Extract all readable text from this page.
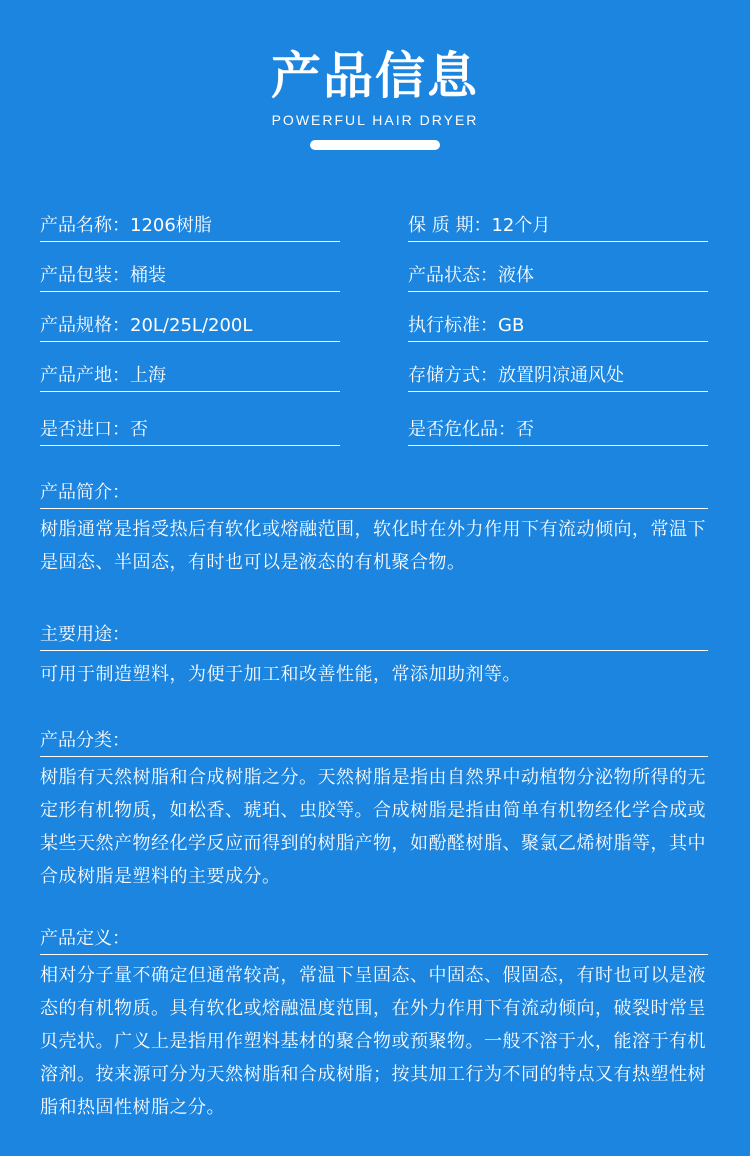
产品信息
POWERFUL HAIR DRYER
产品名称：1206树脂	保 质 期：12个月
产品包装：桶装	产品状态：液体
产品规格：20L/25L/200L	执行标准：GB
产品产地：上海	存储方式：放置阴凉通风处
是否进口：否	是否危化品：否
产品简介：
树脂通常是指受热后有软化或熔融范围，软化时在外力作用下有流动倾向，常温下是固态、半固态，有时也可以是液态的有机聚合物。
主要用途：
可用于制造塑料，为便于加工和改善性能，常添加助剂等。
产品分类：
树脂有天然树脂和合成树脂之分。天然树脂是指由自然界中动植物分泌物所得的无定形有机物质，如松香、琥珀、虫胶等。合成树脂是指由简单有机物经化学合成或某些天然产物经化学反应而得到的树脂产物，如酚醛树脂、聚氯乙烯树脂等，其中合成树脂是塑料的主要成分。
产品定义：
相对分子量不确定但通常较高，常温下呈固态、中固态、假固态，有时也可以是液态的有机物质。具有软化或熔融温度范围，在外力作用下有流动倾向，破裂时常呈贝壳状。广义上是指用作塑料基材的聚合物或预聚物。一般不溶于水，能溶于有机溶剂。按来源可分为天然树脂和合成树脂；按其加工行为不同的特点又有热塑性树脂和热固性树脂之分。
